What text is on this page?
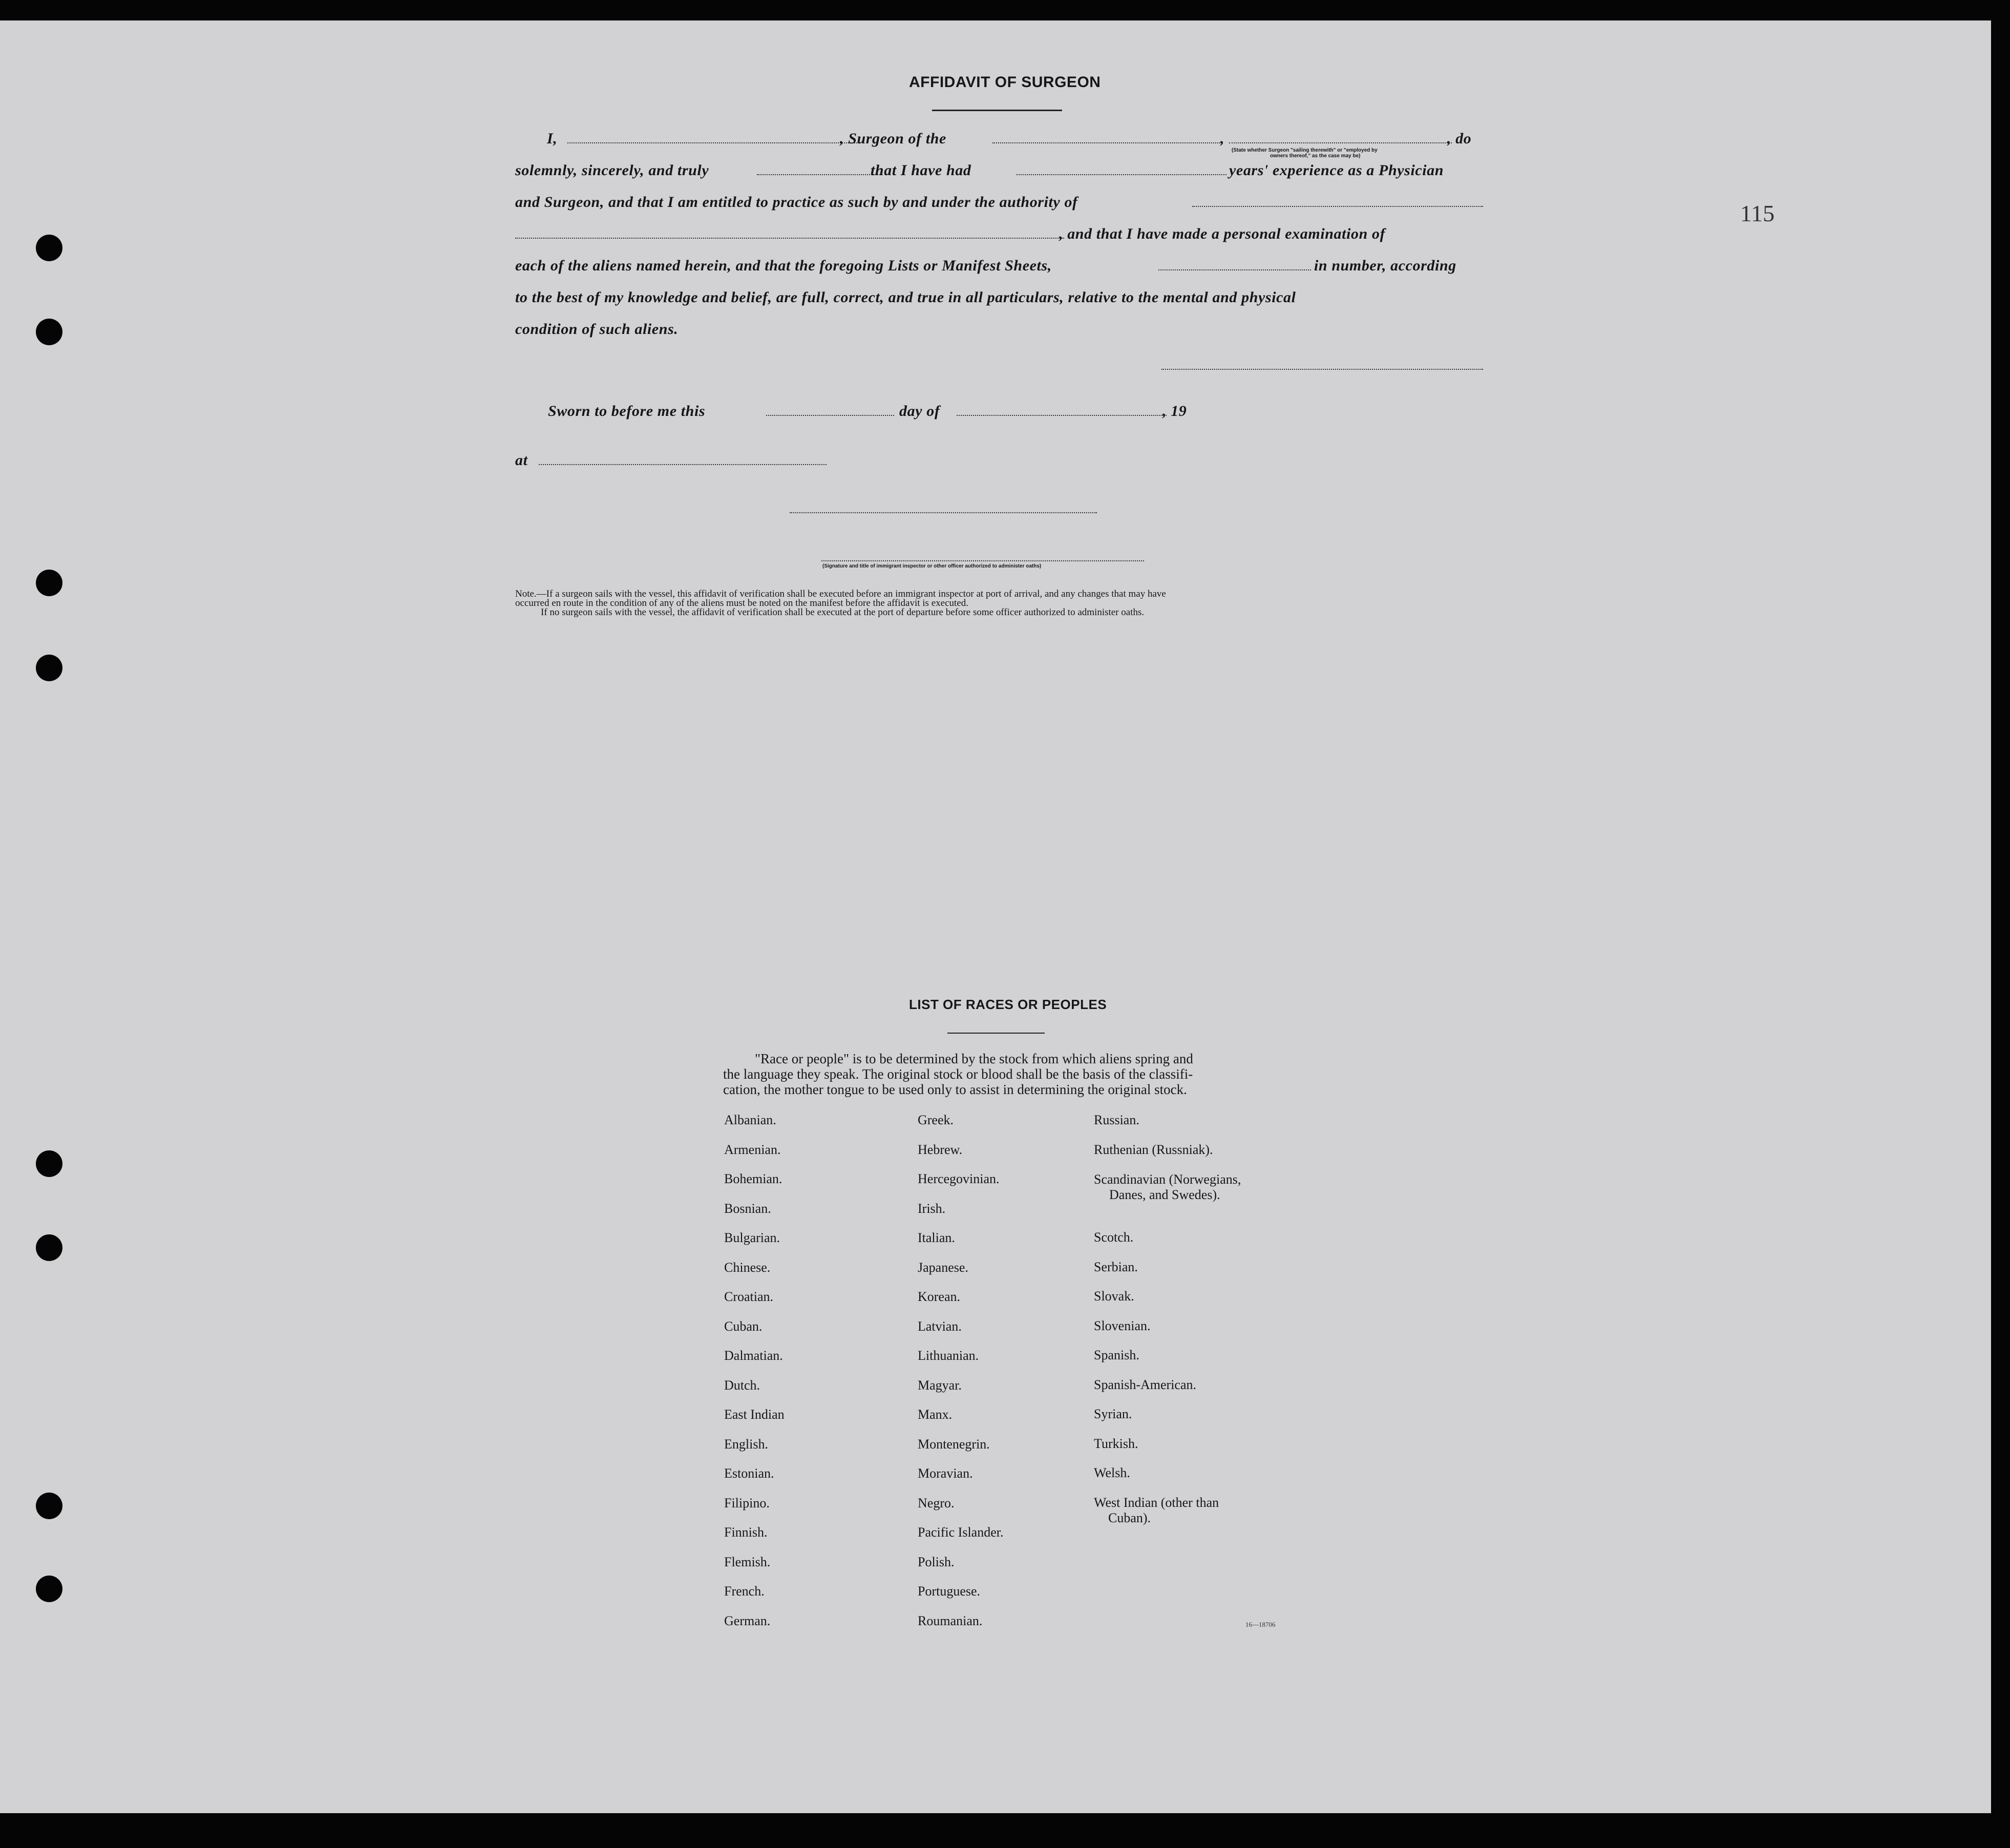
115
AFFIDAVIT OF SURGEON
I,	, Surgeon of the	,	, do
(State whether Surgeon "sailing therewith" or "employed by
owners thereof," as the case may be)
solemnly, sincerely, and truly	that I have had	years' experience as a Physician
and Surgeon, and that I am entitled to practice as such by and under the authority of
, and that I have made a personal examination of
each of the aliens named herein, and that the foregoing Lists or Manifest Sheets,	in number, according
to the best of my knowledge and belief, are full, correct, and true in all particulars, relative to the mental and physical
condition of such aliens.
Sworn to before me this	day of	, 19
at
(Signature and title of immigrant inspector or other officer authorized to administer oaths)
Note.—If a surgeon sails with the vessel, this affidavit of verification shall be executed before an immigrant inspector at port of arrival, and any changes that may have
occurred en route in the condition of any of the aliens must be noted on the manifest before the affidavit is executed.
If no surgeon sails with the vessel, the affidavit of verification shall be executed at the port of departure before some officer authorized to administer oaths.
LIST OF RACES OR PEOPLES
"Race or people" is to be determined by the stock from which aliens spring and
the language they speak. The original stock or blood shall be the basis of the classifi-
cation, the mother tongue to be used only to assist in determining the original stock.
Albanian.
Armenian.
Bohemian.
Bosnian.
Bulgarian.
Chinese.
Croatian.
Cuban.
Dalmatian.
Dutch.
East Indian
English.
Estonian.
Filipino.
Finnish.
Flemish.
French.
German.
Greek.
Hebrew.
Hercegovinian.
Irish.
Italian.
Japanese.
Korean.
Latvian.
Lithuanian.
Magyar.
Manx.
Montenegrin.
Moravian.
Negro.
Pacific Islander.
Polish.
Portuguese.
Roumanian.
Russian.
Ruthenian (Russniak).
Scandinavian (Norwegians,
Danes, and Swedes).
Scotch.
Serbian.
Slovak.
Slovenian.
Spanish.
Spanish-American.
Syrian.
Turkish.
Welsh.
West Indian (other than
Cuban).
16—18706
